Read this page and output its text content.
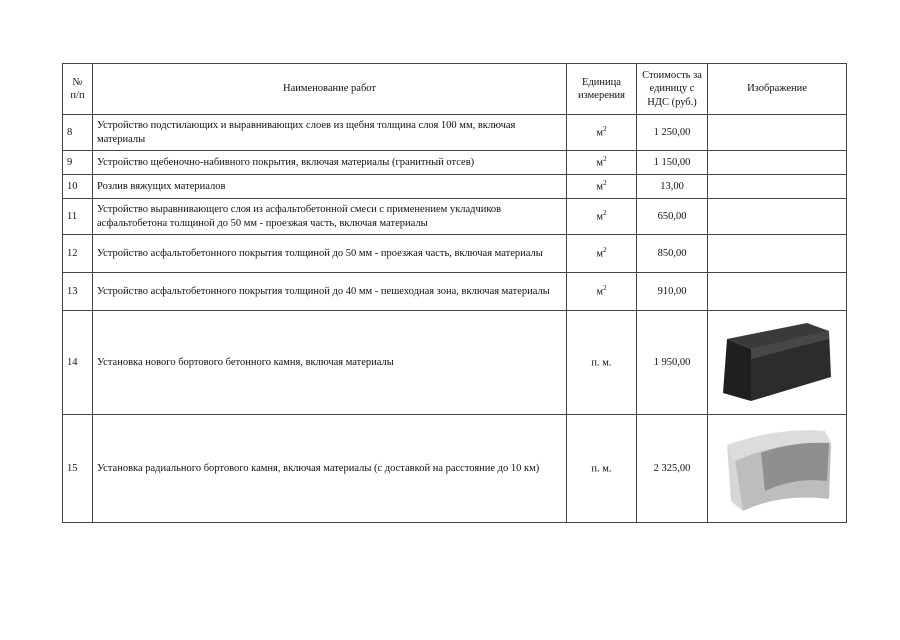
№ п/п	Наименование работ	Единица измерения	Стоимость за единицу с НДС (руб.)	Изображение
8	Устройство подстилающих и выравнивающих слоев из щебня толщина слоя 100 мм, включая материалы	$м^2$	1 250,00	
9	Устройство щебеночно-набивного покрытия, включая материалы (гранитный отсев)	$м^2$	1 150,00	
10	Розлив вяжущих материалов	$м^2$	13,00	
11	Устройство выравнивающего слоя из асфальтобетонной смеси с применением укладчиков асфальтобетона толщиной до 50 мм - проезжая часть, включая материалы	$м^2$	650,00	
12	Устройство асфальтобетонного покрытия толщиной до 50 мм - проезжая часть, включая материалы	$м^2$	850,00	
13	Устройство асфальтобетонного покрытия толщиной до 40 мм - пешеходная зона, включая материалы	$м^2$	910,00	
14	Установка нового бортового бетонного камня, включая материалы	п. м.	1 950,00	

15	Установка радиального бортового камня, включая материалы (с доставкой на расстояние до 10 км)	п. м.	2 325,00	
